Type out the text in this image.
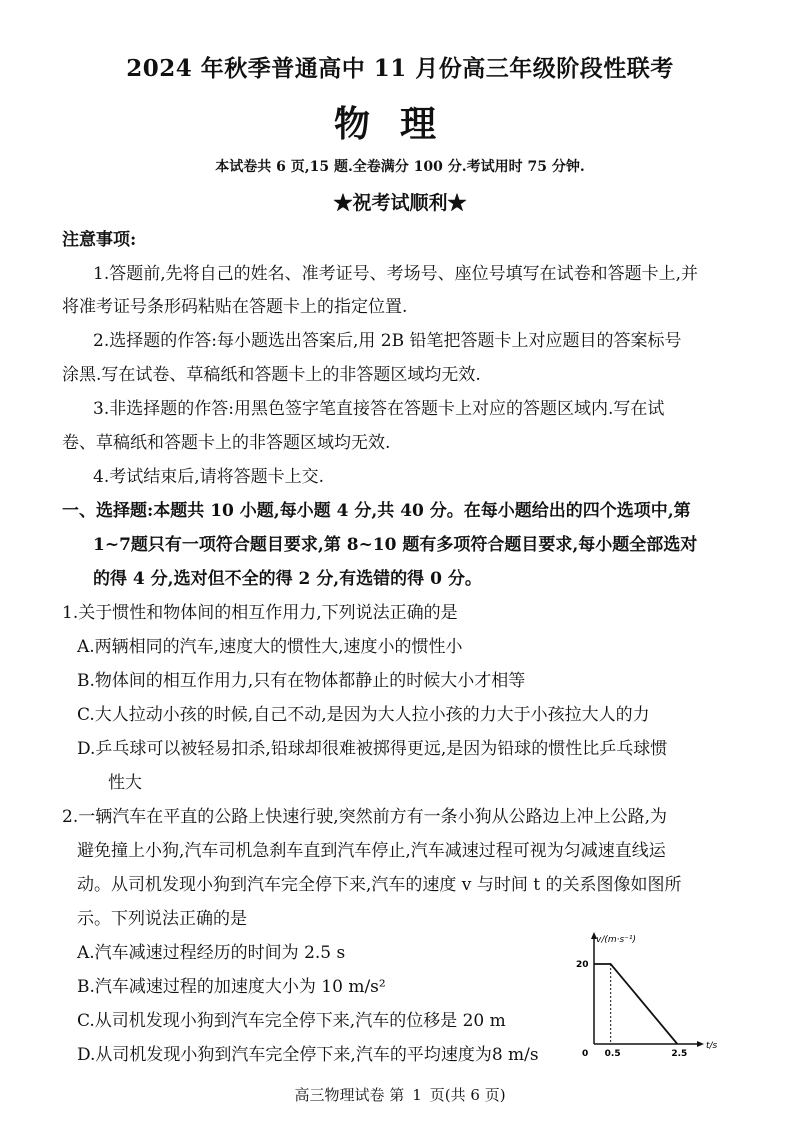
2024 年秋季普通高中 11 月份高三年级阶段性联考
物理
本试卷共 6 页,15 题.全卷满分 100 分.考试用时 75 分钟.
★祝考试顺利★
注意事项:
1.答题前,先将自己的姓名、准考证号、考场号、座位号填写在试卷和答题卡上,并
将准考证号条形码粘贴在答题卡上的指定位置.
2.选择题的作答:每小题选出答案后,用 2B 铅笔把答题卡上对应题目的答案标号
涂黑.写在试卷、草稿纸和答题卡上的非答题区域均无效.
3.非选择题的作答:用黑色签字笔直接答在答题卡上对应的答题区域内.写在试
卷、草稿纸和答题卡上的非答题区域均无效.
4.考试结束后,请将答题卡上交.
一、选择题:本题共 10 小题,每小题 4 分,共 40 分。在每小题给出的四个选项中,第
1~7题只有一项符合题目要求,第 8~10 题有多项符合题目要求,每小题全部选对
的得 4 分,选对但不全的得 2 分,有选错的得 0 分。
1.关于惯性和物体间的相互作用力,下列说法正确的是
A.两辆相同的汽车,速度大的惯性大,速度小的惯性小
B.物体间的相互作用力,只有在物体都静止的时候大小才相等
C.大人拉动小孩的时候,自己不动,是因为大人拉小孩的力大于小孩拉大人的力
D.乒乓球可以被轻易扣杀,铅球却很难被掷得更远,是因为铅球的惯性比乒乓球惯
性大
2.一辆汽车在平直的公路上快速行驶,突然前方有一条小狗从公路边上冲上公路,为
避免撞上小狗,汽车司机急刹车直到汽车停止,汽车减速过程可视为匀减速直线运
动。从司机发现小狗到汽车完全停下来,汽车的速度 v 与时间 t 的关系图像如图所
示。下列说法正确的是
A.汽车减速过程经历的时间为 2.5 s
B.汽车减速过程的加速度大小为 10 m/s²
C.从司机发现小狗到汽车完全停下来,汽车的位移是 20 m
D.从司机发现小狗到汽车完全停下来,汽车的平均速度为8 m/s
v/(m·s⁻¹)
t/s
0 0.5	2.5
20
高三物理试卷 第 1 页(共 6 页)
